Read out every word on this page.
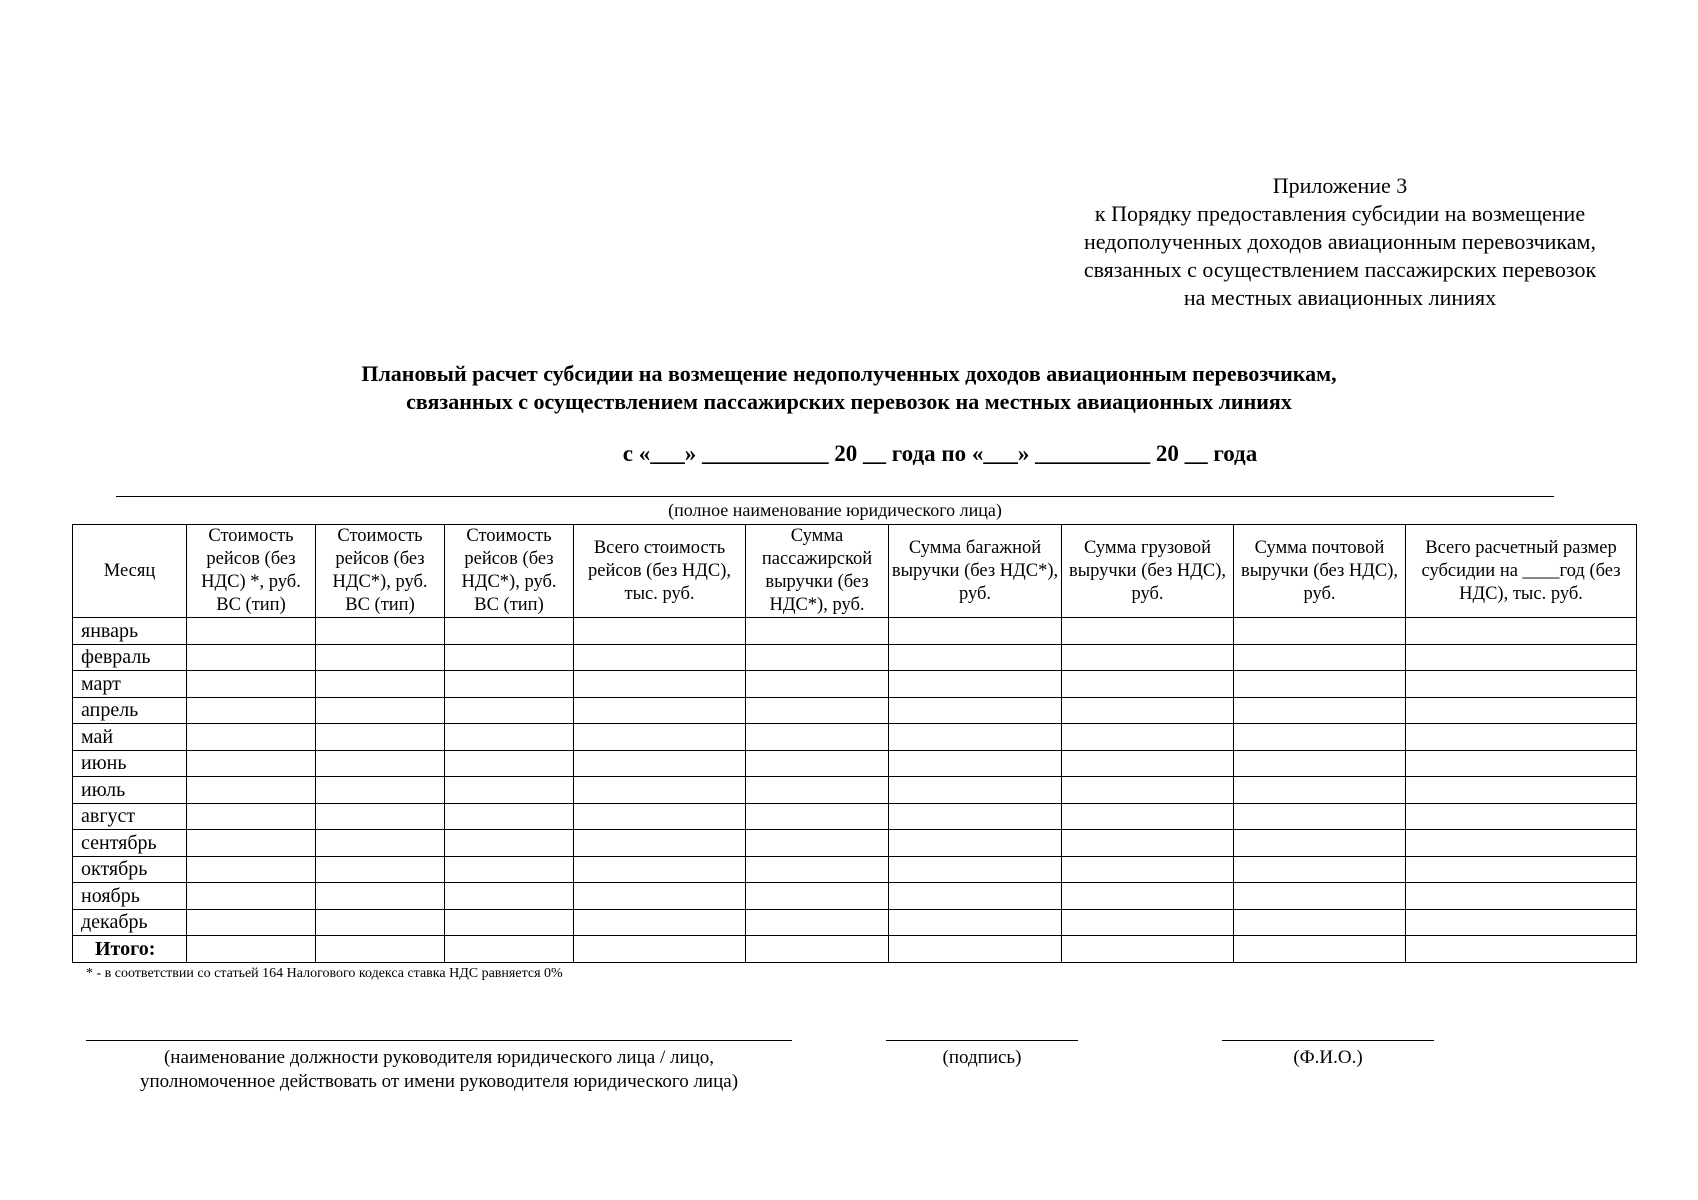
Приложение 3
к Порядку предоставления субсидии на возмещение
недополученных доходов авиационным перевозчикам,
связанных с осуществлением пассажирских перевозок
на местных авиационных линиях
Плановый расчет субсидии на возмещение недополученных доходов авиационным перевозчикам,
связанных с осуществлением пассажирских перевозок на местных авиационных линиях
с «___» ___________ 20 __ года по «___» __________ 20 __ года
(полное наименование юридического лица)
Месяц	Стоимость рейсов (без НДС) *, руб. ВС (тип)	Стоимость рейсов (без НДС*), руб. ВС (тип)	Стоимость рейсов (без НДС*), руб. ВС (тип)	Всего стоимость рейсов (без НДС), тыс. руб.	Сумма пассажирской выручки (без НДС*), руб.	Сумма багажной выручки (без НДС*), руб.	Сумма грузовой выручки (без НДС), руб.	Сумма почтовой выручки (без НДС), руб.	Всего расчетный размер субсидии на ____год (без НДС), тыс. руб.
январь									
февраль									
март									
апрель									
май									
июнь									
июль									
август									
сентябрь									
октябрь									
ноябрь									
декабрь									
Итого:									
* - в соответствии со статьей 164 Налогового кодекса ставка НДС равняется 0%
(наименование должности руководителя юридического лица / лицо,
уполномоченное действовать от имени руководителя юридического лица)
(подпись)	(Ф.И.О.)
